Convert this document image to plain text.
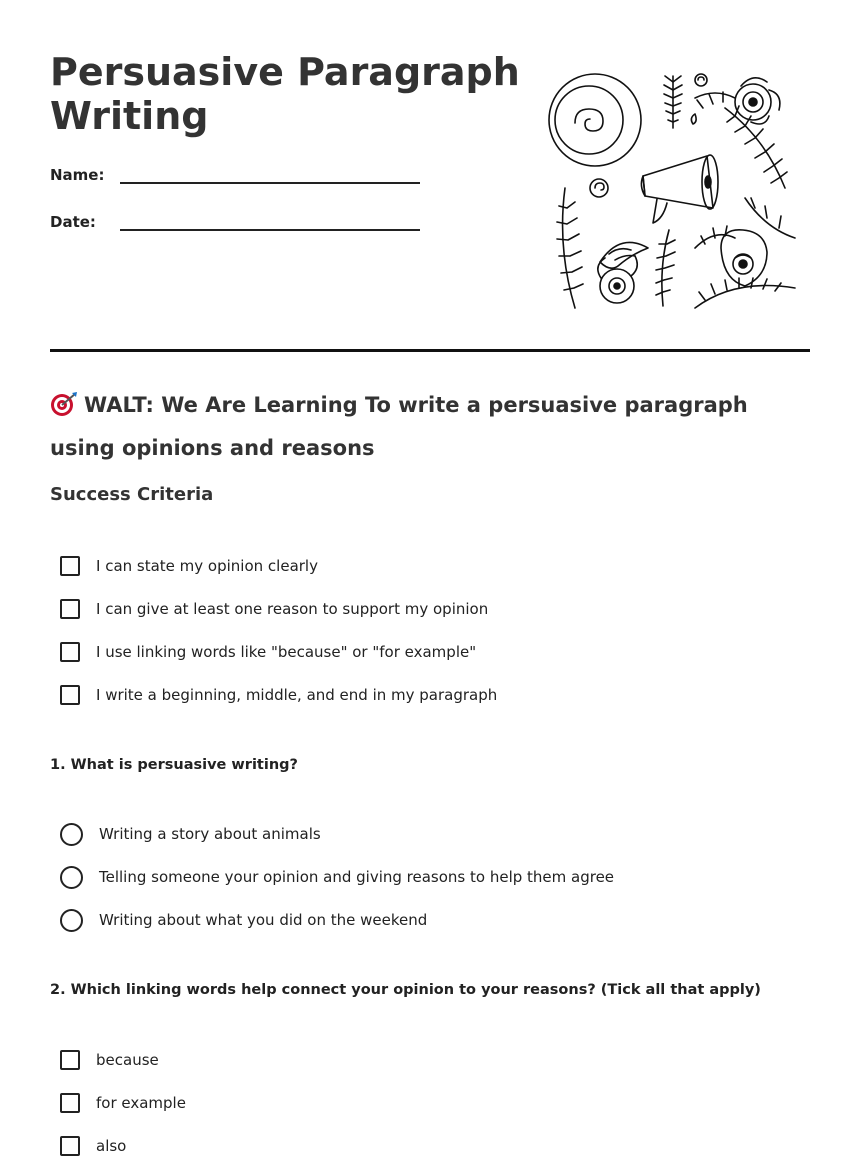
Persuasive Paragraph Writing
Name:
Date:
WALT: We Are Learning To write a persuasive paragraph using opinions and reasons
Success Criteria
I can state my opinion clearly
I can give at least one reason to support my opinion
I use linking words like "because" or "for example"
I write a beginning, middle, and end in my paragraph

1. What is persuasive writing?

Writing a story about animals
Telling someone your opinion and giving reasons to help them agree
Writing about what you did on the weekend

2. Which linking words help connect your opinion to your reasons? (Tick all that apply)

because
for example
also
